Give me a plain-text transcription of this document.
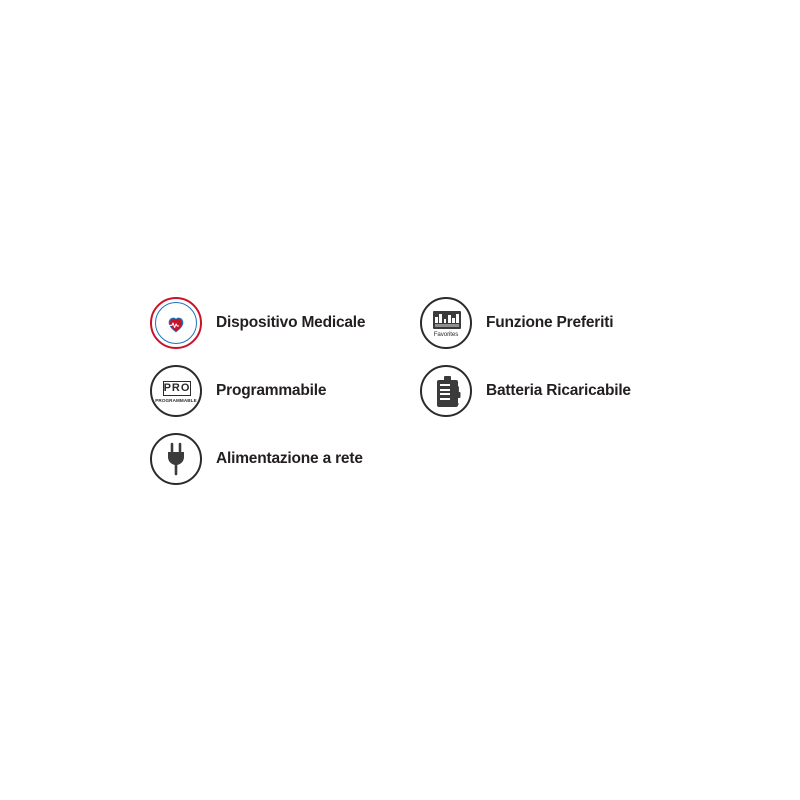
Dispositivo Medicale
Favorites
Funzione Preferiti
PRO
PROGRAMMABLE
Programmabile	Batteria Ricaricabile
Alimentazione a rete
